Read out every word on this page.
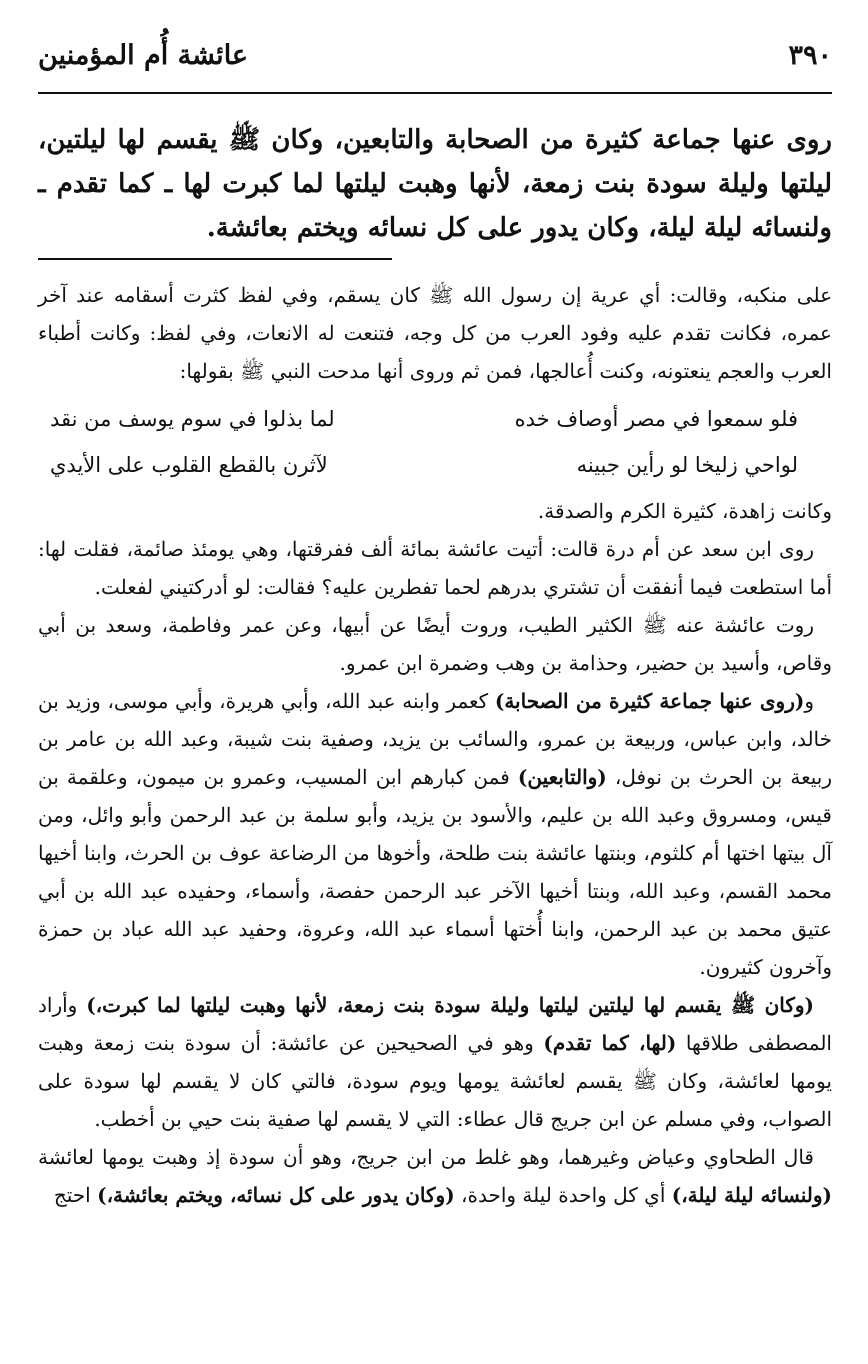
٣٩٠
عائشة أُم المؤمنين

روى عنها جماعة كثيرة من الصحابة والتابعين، وكان ﷺ يقسم لها ليلتين، ليلتها وليلة سودة بنت زمعة، لأنها وهبت ليلتها لما كبرت لها ـ كما تقدم ـ ولنسائه ليلة ليلة، وكان يدور على كل نسائه ويختم بعائشة.

على منكبه، وقالت: أي عرية إن رسول الله ﷺ كان يسقم، وفي لفظ كثرت أسقامه عند آخر عمره، فكانت تقدم عليه وفود العرب من كل وجه، فتنعت له الانعات، وفي لفظ: وكانت أطباء العرب والعجم ينعتونه، وكنت أُعالجها، فمن ثم وروى أنها مدحت النبي ﷺ بقولها:

فلو سمعوا في مصر أوصاف خده
لما بذلوا في سوم يوسف من نقد
لواحي زليخا لو رأين جبينه
لآثرن بالقطع القلوب على الأيدي

وكانت زاهدة، كثيرة الكرم والصدقة.

روى ابن سعد عن أم درة قالت: أتيت عائشة بمائة ألف ففرقتها، وهي يومئذ صائمة، فقلت لها: أما استطعت فيما أنفقت أن تشتري بدرهم لحما تفطرين عليه؟ فقالت: لو أدركتيني لفعلت.

روت عائشة عنه ﷺ الكثير الطيب، وروت أيضًا عن أبيها، وعن عمر وفاطمة، وسعد بن أبي وقاص، وأسيد بن حضير، وحذامة بن وهب وضمرة ابن عمرو.

و(روى عنها جماعة كثيرة من الصحابة) كعمر وابنه عبد الله، وأبي هريرة، وأبي موسى، وزيد بن خالد، وابن عباس، وربيعة بن عمرو، والسائب بن يزيد، وصفية بنت شيبة، وعبد الله بن عامر بن ربيعة بن الحرث بن نوفل، (والتابعين) فمن كبارهم ابن المسيب، وعمرو بن ميمون، وعلقمة بن قيس، ومسروق وعبد الله بن عليم، والأسود بن يزيد، وأبو سلمة بن عبد الرحمن وأبو وائل، ومن آل بيتها اختها أم كلثوم، وبنتها عائشة بنت طلحة، وأخوها من الرضاعة عوف بن الحرث، وابنا أخيها محمد القسم، وعبد الله، وبنتا أخيها الآخر عبد الرحمن حفصة، وأسماء، وحفيده عبد الله بن أبي عتيق محمد بن عبد الرحمن، وابنا أُختها أسماء عبد الله، وعروة، وحفيد عبد الله عباد بن حمزة وآخرون كثيرون.

(وكان ﷺ يقسم لها ليلتين ليلتها وليلة سودة بنت زمعة، لأنها وهبت ليلتها لما كبرت،) وأراد المصطفى طلاقها (لها، كما تقدم) وهو في الصحيحين عن عائشة: أن سودة بنت زمعة وهبت يومها لعائشة، وكان ﷺ يقسم لعائشة يومها ويوم سودة، فالتي كان لا يقسم لها سودة على الصواب، وفي مسلم عن ابن جريج قال عطاء: التي لا يقسم لها صفية بنت حيي بن أخطب.

قال الطحاوي وعياض وغيرهما، وهو غلط من ابن جريج، وهو أن سودة إذ وهبت يومها لعائشة (ولنسائه ليلة ليلة،) أي كل واحدة ليلة واحدة، (وكان يدور على كل نسائه، ويختم بعائشة،) احتج
